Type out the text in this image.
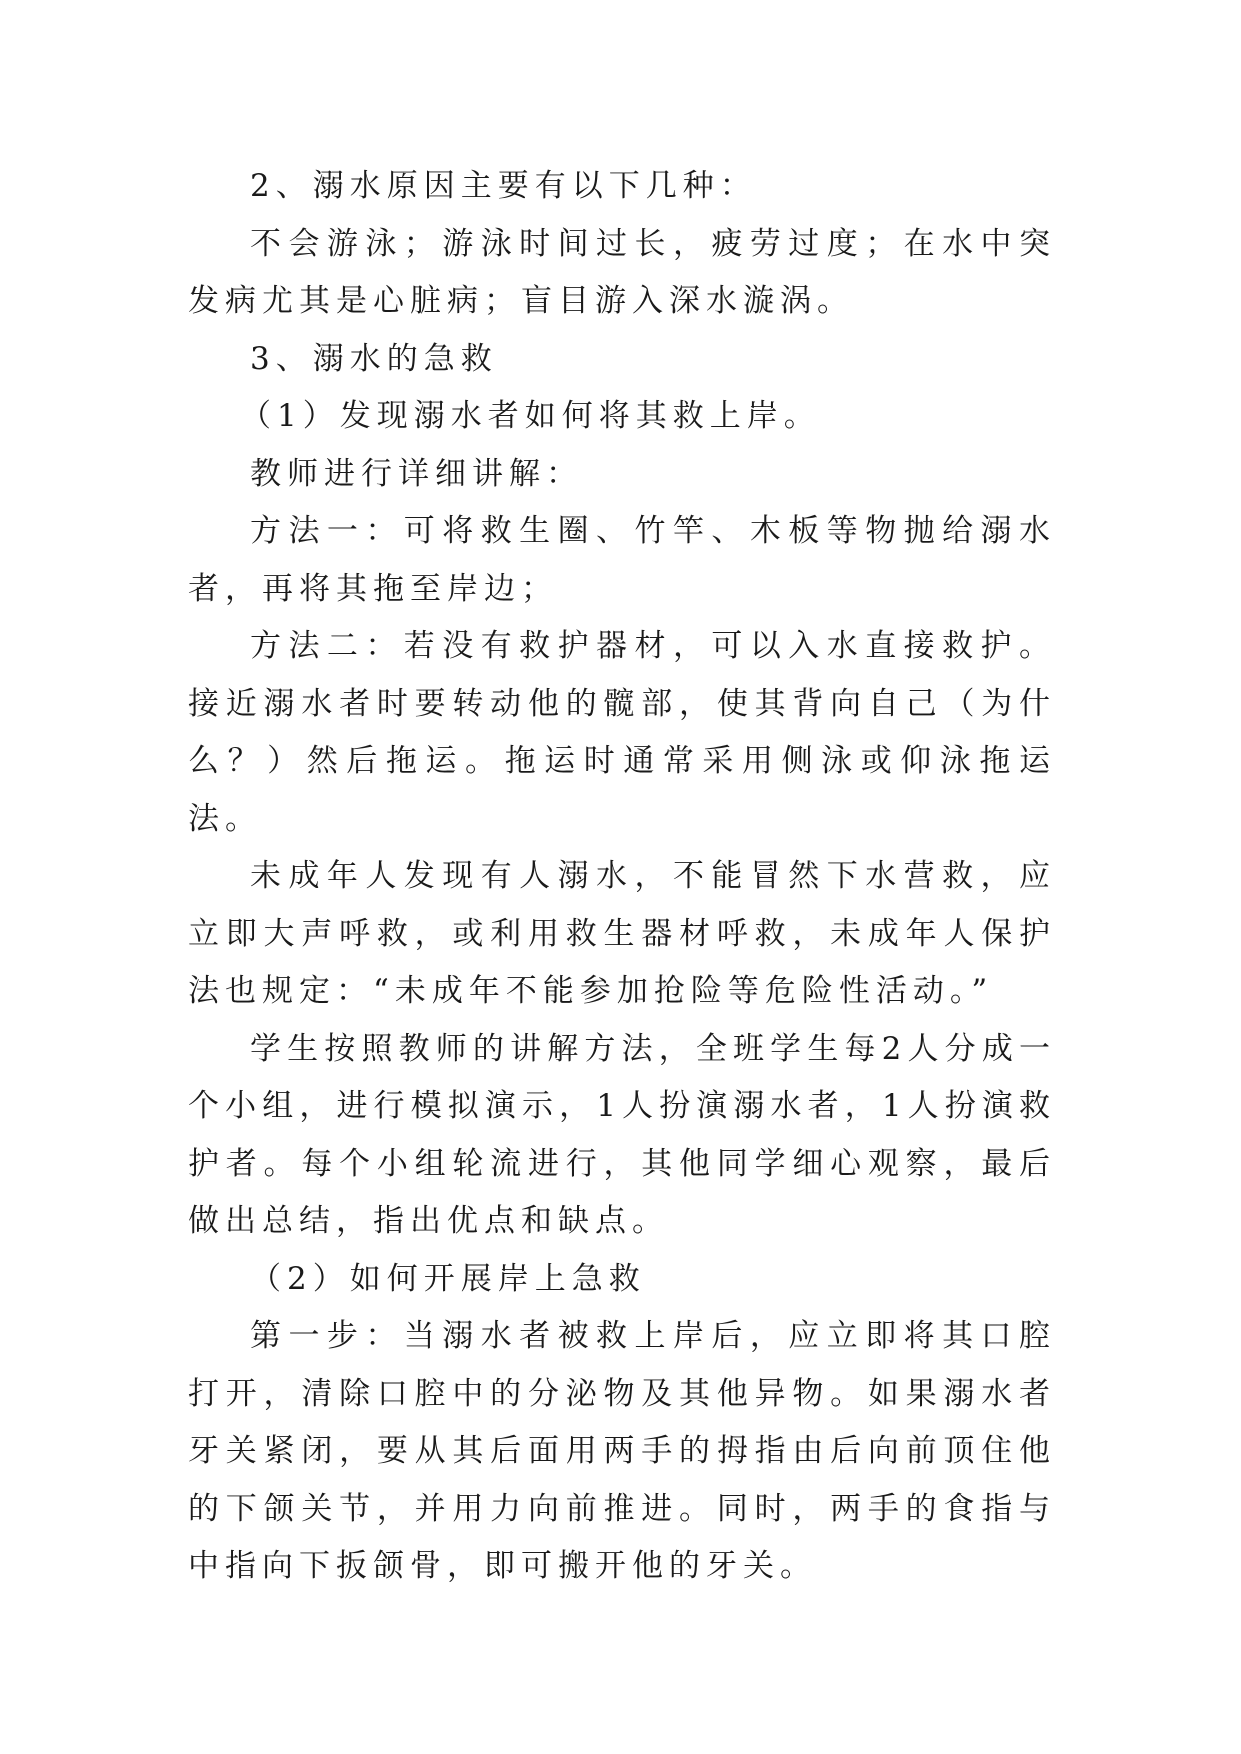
2、溺水原因主要有以下几种：

不会游泳；游泳时间过长，疲劳过度；在水中突发病尤其是心脏病；盲目游入深水漩涡。

3、溺水的急救

（1）发现溺水者如何将其救上岸。

教师进行详细讲解：

方法一：可将救生圈、竹竿、木板等物抛给溺水者，再将其拖至岸边；

方法二：若没有救护器材，可以入水直接救护。接近溺水者时要转动他的髋部，使其背向自己（为什么？）然后拖运。拖运时通常采用侧泳或仰泳拖运法。

未成年人发现有人溺水，不能冒然下水营救，应立即大声呼救，或利用救生器材呼救，未成年人保护法也规定：“未成年不能参加抢险等危险性活动。”

学生按照教师的讲解方法，全班学生每2人分成一个小组，进行模拟演示，1人扮演溺水者，1人扮演救护者。每个小组轮流进行，其他同学细心观察，最后做出总结，指出优点和缺点。

（2）如何开展岸上急救

第一步：当溺水者被救上岸后，应立即将其口腔打开，清除口腔中的分泌物及其他异物。如果溺水者牙关紧闭，要从其后面用两手的拇指由后向前顶住他的下颌关节，并用力向前推进。同时，两手的食指与中指向下扳颌骨，即可搬开他的牙关。
